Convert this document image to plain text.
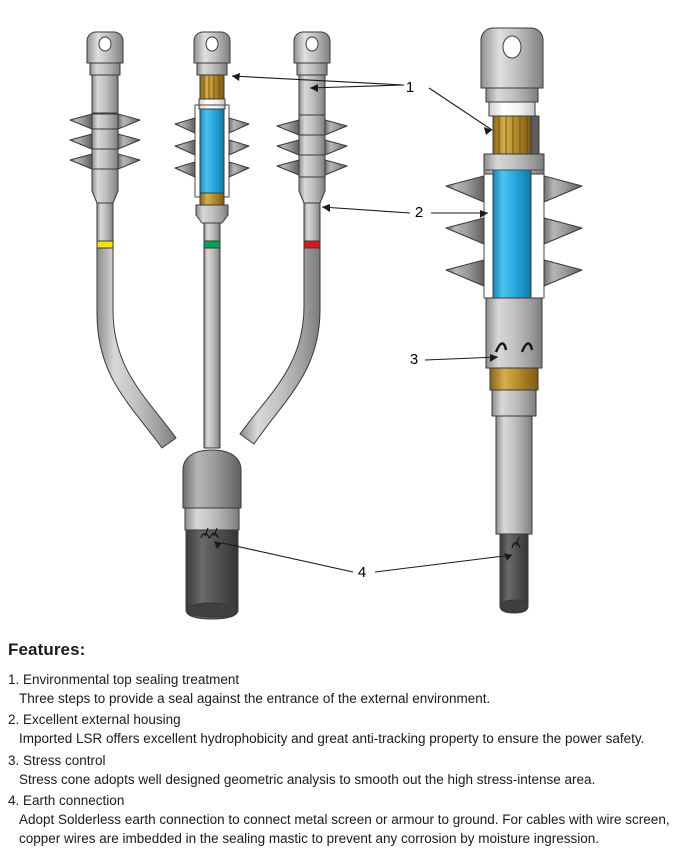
1
2
3
4
Features:
1. Environmental top sealing treatment
Three steps to provide a seal against the entrance of the external environment.
2. Excellent external housing
Imported LSR offers excellent hydrophobicity and great anti-tracking property to ensure the power safety.
3. Stress control
Stress cone adopts well designed geometric analysis to smooth out the high stress-intense area.
4. Earth connection
Adopt Solderless earth connection to connect metal screen or armour to ground. For cables with wire screen, copper wires are imbedded in the sealing mastic to prevent any corrosion by moisture ingression.
